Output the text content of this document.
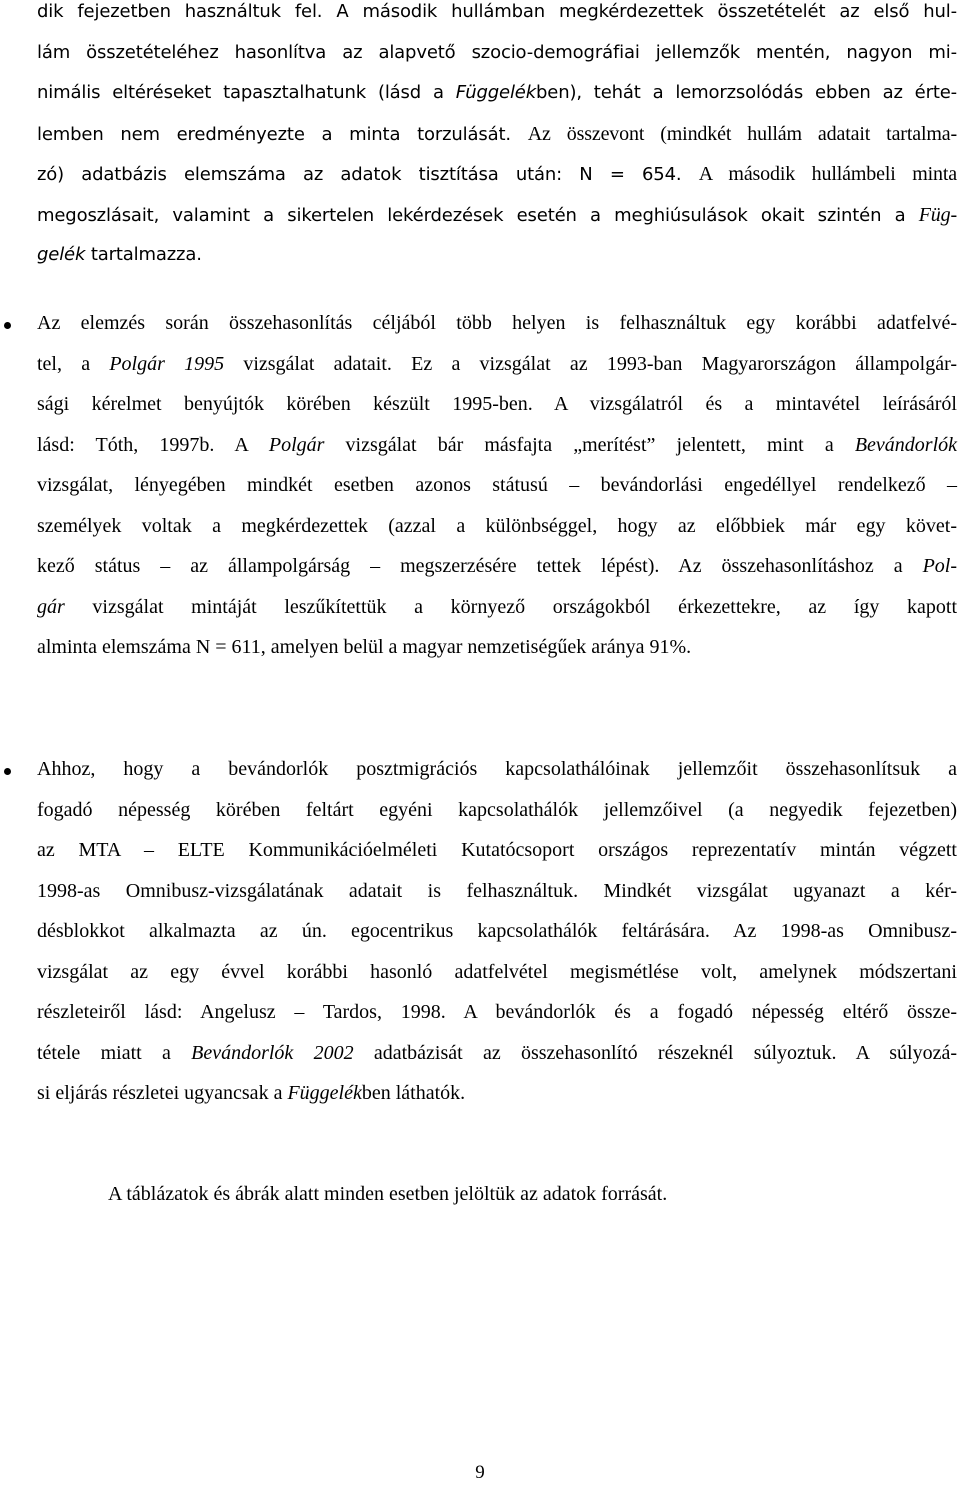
dik fejezetben használtuk fel. A második hullámban megkérdezettek összetételét az első hul-
lám összetételéhez hasonlítva az alapvető szocio-demográfiai jellemzők mentén, nagyon mi-
nimális eltéréseket tapasztalhatunk (lásd a Függelékben), tehát a lemorzsolódás ebben az érte-
lemben nem eredményezte a minta torzulását. Az összevont (mindkét hullám adatait tartalma-
zó) adatbázis elemszáma az adatok tisztítása után: N = 654. A második hullámbeli minta
megoszlásait, valamint a sikertelen lekérdezések esetén a meghiúsulások okait szintén a Füg-
gelék tartalmazza.
Az elemzés során összehasonlítás céljából több helyen is felhasználtuk egy korábbi adatfelvé-
tel, a Polgár 1995 vizsgálat adatait. Ez a vizsgálat az 1993-ban Magyarországon állampolgár-
sági kérelmet benyújtók körében készült 1995-ben. A vizsgálatról és a mintavétel leírásáról
lásd: Tóth, 1997b. A Polgár vizsgálat bár másfajta „merítést” jelentett, mint a Bevándorlók
vizsgálat, lényegében mindkét esetben azonos státusú – bevándorlási engedéllyel rendelkező –
személyek voltak a megkérdezettek (azzal a különbséggel, hogy az előbbiek már egy követ-
kező státus – az állampolgárság – megszerzésére tettek lépést). Az összehasonlításhoz a Pol-
gár vizsgálat mintáját leszűkítettük a környező országokból érkezettekre, az így kapott
alminta elemszáma N = 611, amelyen belül a magyar nemzetiségűek aránya 91%.
Ahhoz, hogy a bevándorlók posztmigrációs kapcsolathálóinak jellemzőit összehasonlítsuk a
fogadó népesség körében feltárt egyéni kapcsolathálók jellemzőivel (a negyedik fejezetben)
az MTA – ELTE Kommunikációelméleti Kutatócsoport országos reprezentatív mintán végzett
1998-as Omnibusz-vizsgálatának adatait is felhasználtuk. Mindkét vizsgálat ugyanazt a kér-
désblokkot alkalmazta az ún. egocentrikus kapcsolathálók feltárására. Az 1998-as Omnibusz-
vizsgálat az egy évvel korábbi hasonló adatfelvétel megismétlése volt, amelynek módszertani
részleteiről lásd: Angelusz – Tardos, 1998. A bevándorlók és a fogadó népesség eltérő össze-
tétele miatt a Bevándorlók 2002 adatbázisát az összehasonlító részeknél súlyoztuk. A súlyozá-
si eljárás részletei ugyancsak a Függelékben láthatók.
A táblázatok és ábrák alatt minden esetben jelöltük az adatok forrását.
9
